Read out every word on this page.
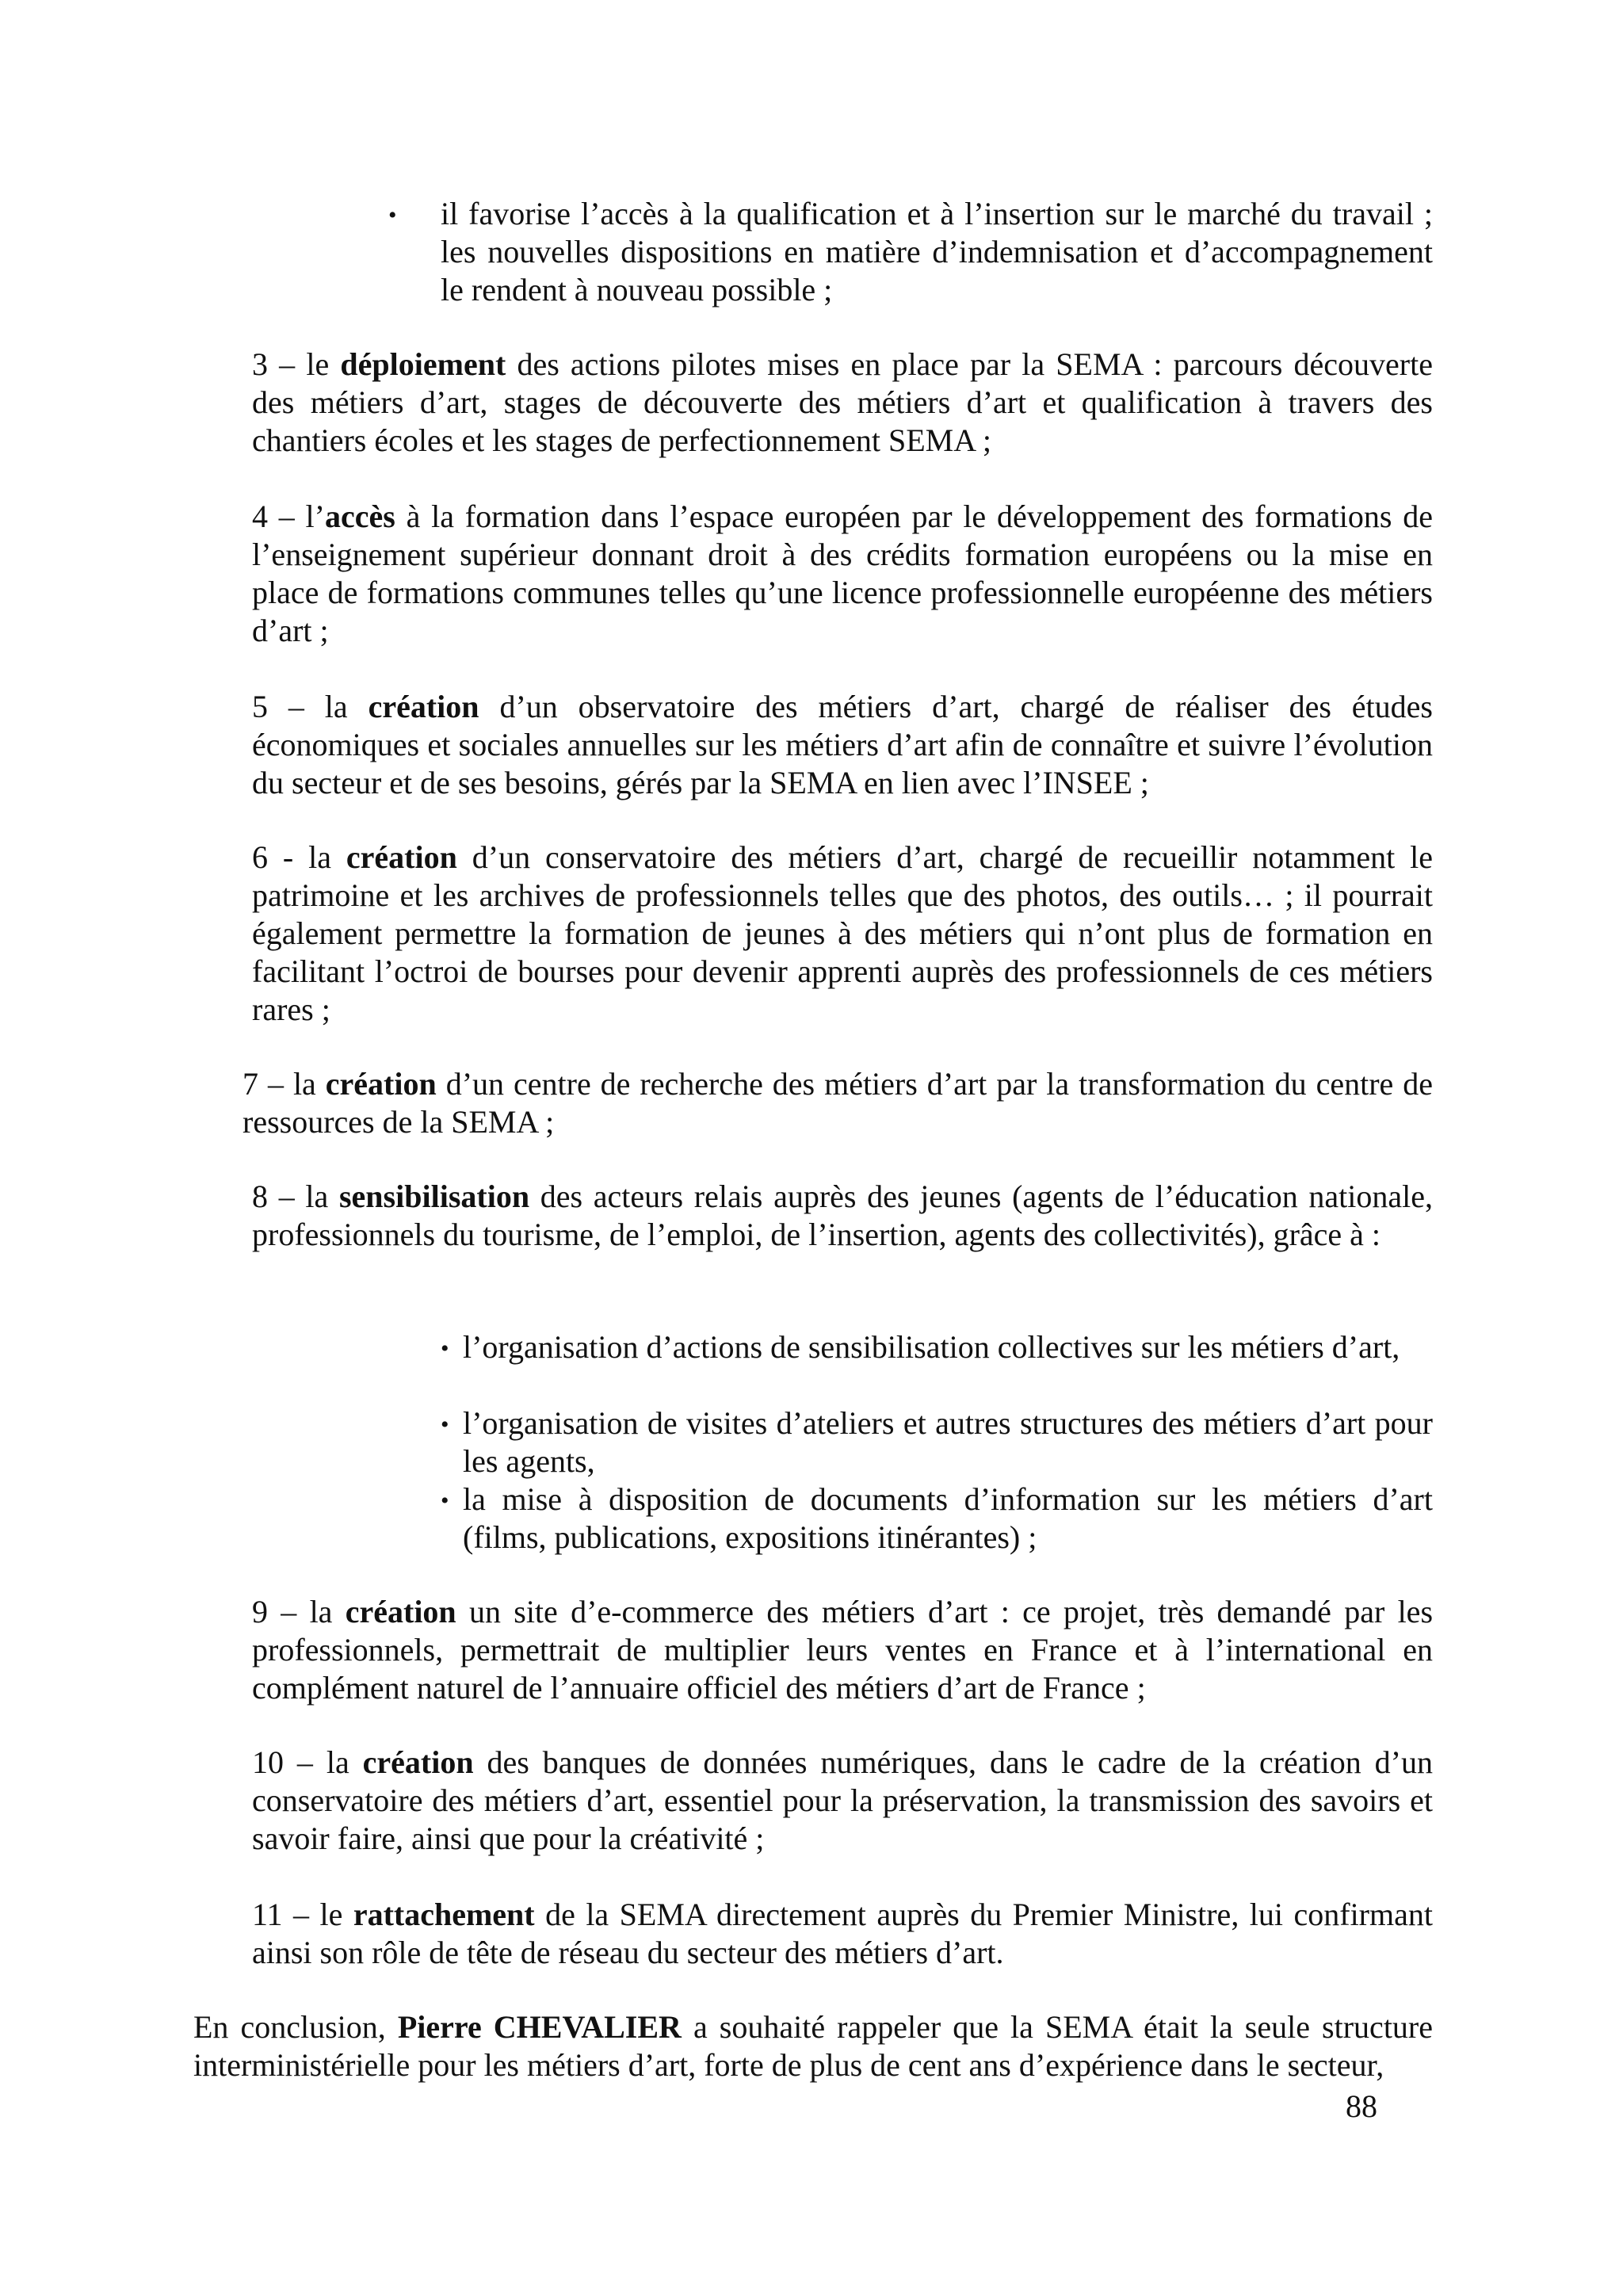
• il favorise l’accès à la qualification et à l’insertion sur le marché du travail ; les nouvelles dispositions en matière d’indemnisation et d’accompagnement le rendent à nouveau possible ;

3 – le déploiement des actions pilotes mises en place par la SEMA : parcours découverte des métiers d’art, stages de découverte des métiers d’art et qualification à travers des chantiers écoles et les stages de perfectionnement SEMA ;

4 – l’accès à la formation dans l’espace européen par le développement des formations de l’enseignement supérieur donnant droit à des crédits formation européens ou la mise en place de formations communes telles qu’une licence professionnelle européenne des métiers d’art ;

5 – la création d’un observatoire des métiers d’art, chargé de réaliser des études économiques et sociales annuelles sur les métiers d’art afin de connaître et suivre l’évolution du secteur et de ses besoins, gérés par la SEMA en lien avec l’INSEE ;

6 - la création d’un conservatoire des métiers d’art, chargé de recueillir notamment le patrimoine et les archives de professionnels telles que des photos, des outils… ; il pourrait également permettre la formation de jeunes à des métiers qui n’ont plus de formation en facilitant l’octroi de bourses pour devenir apprenti auprès des professionnels de ces métiers rares ;

7 – la création d’un centre de recherche des métiers d’art par la transformation du centre de ressources de la SEMA ;

8 – la sensibilisation des acteurs relais auprès des jeunes (agents de l’éducation nationale, professionnels du tourisme, de l’emploi, de l’insertion, agents des collectivités), grâce à :

• l’organisation d’actions de sensibilisation collectives sur les métiers d’art,

• l’organisation de visites d’ateliers et autres structures des métiers d’art pour les agents,

• la mise à disposition de documents d’information sur les métiers d’art (films, publications, expositions itinérantes) ;

9 – la création un site d’e-commerce des métiers d’art : ce projet, très demandé par les professionnels, permettrait de multiplier leurs ventes en France et à l’international en complément naturel de l’annuaire officiel des métiers d’art de France ;

10 – la création des banques de données numériques, dans le cadre de la création d’un conservatoire des métiers d’art, essentiel pour la préservation, la transmission des savoirs et savoir faire, ainsi que pour la créativité ;

11 – le rattachement de la SEMA directement auprès du Premier Ministre, lui confirmant ainsi son rôle de tête de réseau du secteur des métiers d’art.

En conclusion, Pierre CHEVALIER a souhaité rappeler que la SEMA était la seule structure interministérielle pour les métiers d’art, forte de plus de cent ans d’expérience dans le secteur,

88
